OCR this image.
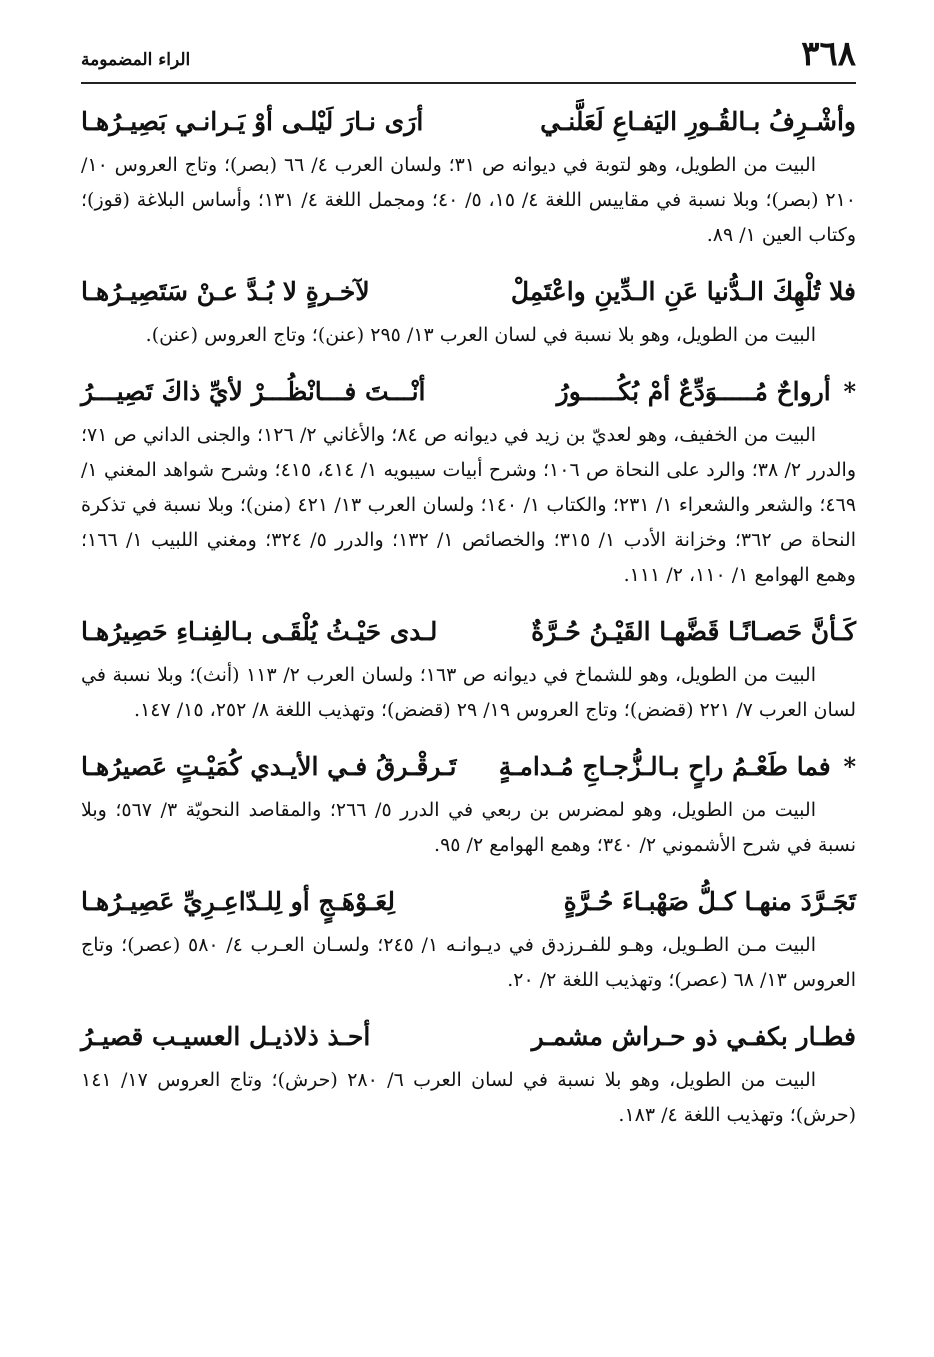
٣٦٨
الراء المضمومة
وأشْـرِفُ بـالقُـورِ اليَفـاعِ لَعَلَّنـي
أرَى نـارَ لَيْلـى أوْ يَـرانـي بَصِيـرُهـا

البيت من الطويل، وهو لتوبة في ديوانه ص ٣١؛ ولسان العرب ٤/ ٦٦ (بصر)؛ وتاج العروس ١٠/ ٢١٠ (بصر)؛ وبلا نسبة في مقاييس اللغة ٤/ ١٥، ٥/ ٤٠؛ ومجمل اللغة ٤/ ١٣١؛ وأساس البلاغة (قوز)؛ وكتاب العين ١/ ٨٩.

فلا تُلْهِكَ الـدُّنيا عَنِ الـدِّينِ واعْتَمِلْ
لآخـرةٍ لا بُـدَّ عـنْ سَتَصِيـرُهـا

البيت من الطويل، وهو بلا نسبة في لسان العرب ١٣/ ٢٩٥ (عنن)؛ وتاج العروس (عنن).

* أرواحٌ مُـــــوَدِّعٌ أمْ بُكُـــــورُ
أنْـــتَ فـــانْظُـــرْ لأيِّ ذاكَ تَصِيـــرُ

البيت من الخفيف، وهو لعديّ بن زيد في ديوانه ص ٨٤؛ والأغاني ٢/ ١٢٦؛ والجنى الداني ص ٧١؛ والدرر ٢/ ٣٨؛ والرد على النحاة ص ١٠٦؛ وشرح أبيات سيبويه ١/ ٤١٤، ٤١٥؛ وشرح شواهد المغني ١/ ٤٦٩؛ والشعر والشعراء ١/ ٢٣١؛ والكتاب ١/ ١٤٠؛ ولسان العرب ١٣/ ٤٢١ (منن)؛ وبلا نسبة في تذكرة النحاة ص ٣٦٢؛ وخزانة الأدب ١/ ٣١٥؛ والخصائص ١/ ١٣٢؛ والدرر ٥/ ٣٢٤؛ ومغني اللبيب ١/ ١٦٦؛ وهمع الهوامع ١/ ١١٠، ٢/ ١١١.

كَـأنَّ حَصـانًـا قَضَّهـا القَيْـنُ حُـرَّةٌ
لـدى حَيْـثُ يُلْقَـى بـالفِنـاءِ حَصِيرُهـا

البيت من الطويل، وهو للشماخ في ديوانه ص ١٦٣؛ ولسان العرب ٢/ ١١٣ (أنث)؛ وبلا نسبة في لسان العرب ٧/ ٢٢١ (قضض)؛ وتاج العروس ١٩/ ٢٩ (قضض)؛ وتهذيب اللغة ٨/ ٢٥٢، ١٥/ ١٤٧.

* فما طَعْـمُ راحٍ بـالـزُّجـاجِ مُـدامـةٍ
تَـرقْـرقُ فـي الأيـدي كُمَيْـتٍ عَصيرُهـا

البيت من الطويل، وهو لمضرس بن ربعي في الدرر ٥/ ٢٦٦؛ والمقاصد النحويّة ٣/ ٥٦٧؛ وبلا نسبة في شرح الأشموني ٢/ ٣٤٠؛ وهمع الهوامع ٢/ ٩٥.

تَجَـرَّدَ منهـا كـلُّ صَهْبـاءَ حُـرَّةٍ
لِعَـوْهَـجٍ أو لِلـدّاعِـرِيِّ عَصِيـرُهـا

البيت مـن الطـويل، وهـو للفـرزدق في ديـوانـه ١/ ٢٤٥؛ ولسـان العـرب ٤/ ٥٨٠ (عصر)؛ وتاج العروس ١٣/ ٦٨ (عصر)؛ وتهذيب اللغة ٢/ ٢٠.

فطـار بكفـي ذو حـراش مشمـر
أحـذ ذلاذيـل العسيـب قصيـرُ

البيت من الطويل، وهو بلا نسبة في لسان العرب ٦/ ٢٨٠ (حرش)؛ وتاج العروس ١٧/ ١٤١ (حرش)؛ وتهذيب اللغة ٤/ ١٨٣.
